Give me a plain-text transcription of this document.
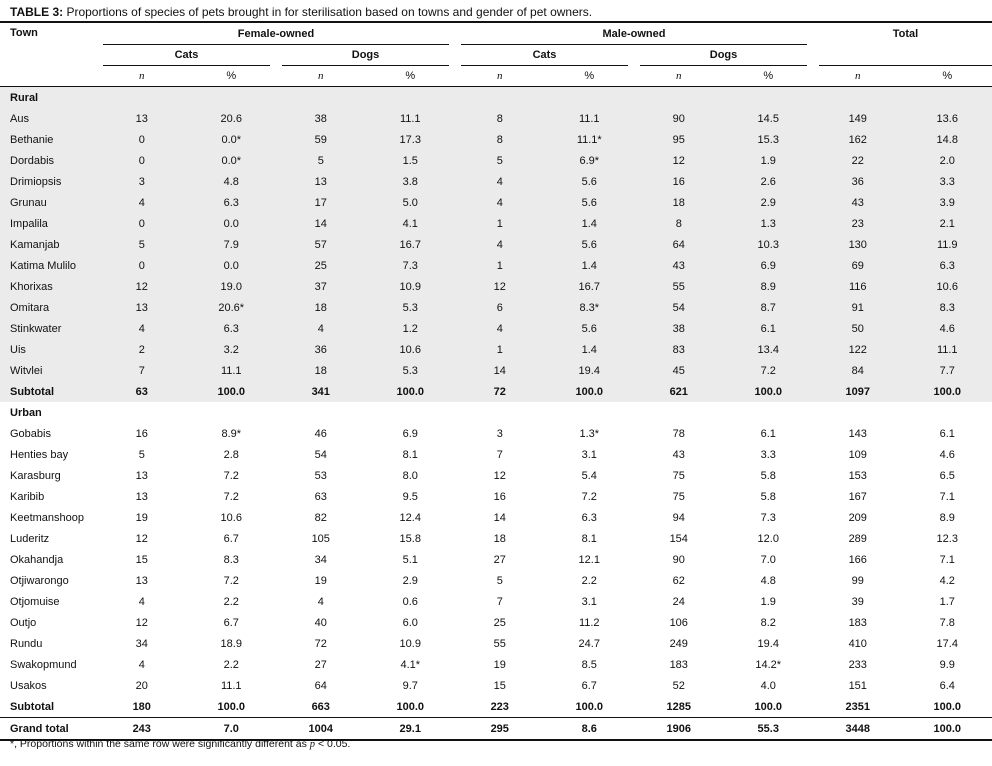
TABLE 3: Proportions of species of pets brought in for sterilisation based on towns and gender of pet owners.
Town	Female-owned				Male-owned				Total	

	Cats		Dogs		Cats		Dogs			

	n	%	n	%	n	%	n	%	n	%
Rural										
Aus	13	20.6	38	11.1	8	11.1	90	14.5	149	13.6
Bethanie	0	0.0*	59	17.3	8	11.1*	95	15.3	162	14.8
Dordabis	0	0.0*	5	1.5	5	6.9*	12	1.9	22	2.0
Drimiopsis	3	4.8	13	3.8	4	5.6	16	2.6	36	3.3
Grunau	4	6.3	17	5.0	4	5.6	18	2.9	43	3.9
Impalila	0	0.0	14	4.1	1	1.4	8	1.3	23	2.1
Kamanjab	5	7.9	57	16.7	4	5.6	64	10.3	130	11.9
Katima Mulilo	0	0.0	25	7.3	1	1.4	43	6.9	69	6.3
Khorixas	12	19.0	37	10.9	12	16.7	55	8.9	116	10.6
Omitara	13	20.6*	18	5.3	6	8.3*	54	8.7	91	8.3
Stinkwater	4	6.3	4	1.2	4	5.6	38	6.1	50	4.6
Uis	2	3.2	36	10.6	1	1.4	83	13.4	122	11.1
Witvlei	7	11.1	18	5.3	14	19.4	45	7.2	84	7.7
Subtotal	63	100.0	341	100.0	72	100.0	621	100.0	1097	100.0
Urban										
Gobabis	16	8.9*	46	6.9	3	1.3*	78	6.1	143	6.1
Henties bay	5	2.8	54	8.1	7	3.1	43	3.3	109	4.6
Karasburg	13	7.2	53	8.0	12	5.4	75	5.8	153	6.5
Karibib	13	7.2	63	9.5	16	7.2	75	5.8	167	7.1
Keetmanshoop	19	10.6	82	12.4	14	6.3	94	7.3	209	8.9
Luderitz	12	6.7	105	15.8	18	8.1	154	12.0	289	12.3
Okahandja	15	8.3	34	5.1	27	12.1	90	7.0	166	7.1
Otjiwarongo	13	7.2	19	2.9	5	2.2	62	4.8	99	4.2
Otjomuise	4	2.2	4	0.6	7	3.1	24	1.9	39	1.7
Outjo	12	6.7	40	6.0	25	11.2	106	8.2	183	7.8
Rundu	34	18.9	72	10.9	55	24.7	249	19.4	410	17.4
Swakopmund	4	2.2	27	4.1*	19	8.5	183	14.2*	233	9.9
Usakos	20	11.1	64	9.7	15	6.7	52	4.0	151	6.4
Subtotal	180	100.0	663	100.0	223	100.0	1285	100.0	2351	100.0
Grand total	243	7.0	1004	29.1	295	8.6	1906	55.3	3448	100.0
*, Proportions within the same row were significantly different as p < 0.05.
